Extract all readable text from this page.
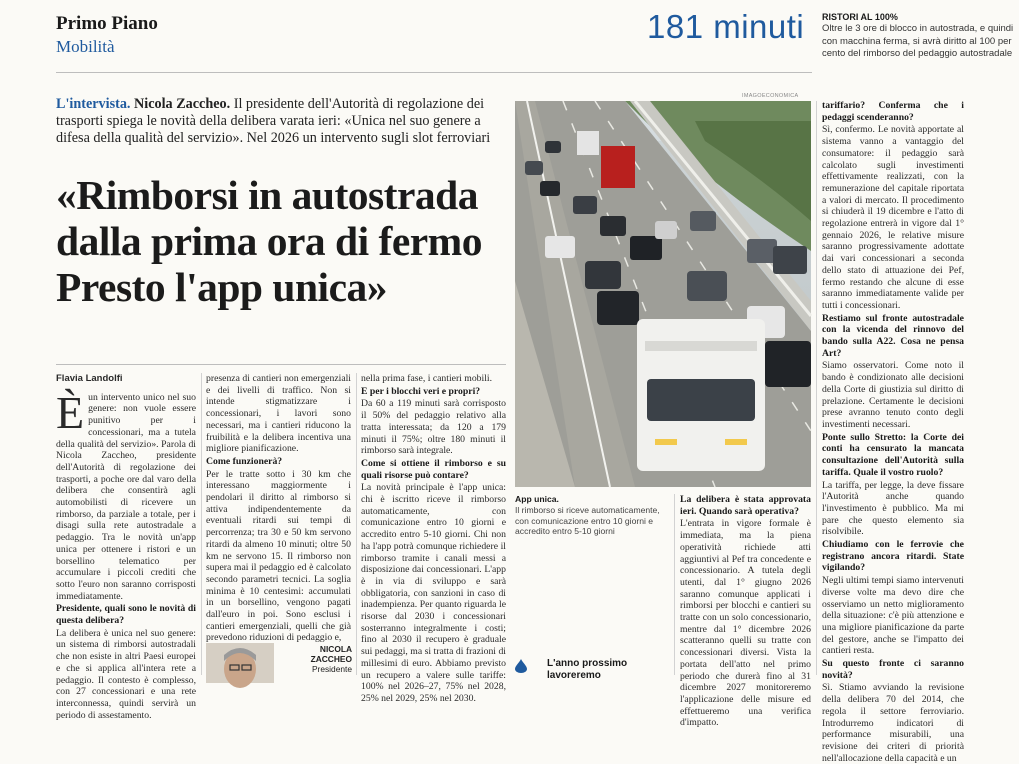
Primo Piano
Mobilità
181 minuti RISTORI AL 100%
Oltre le 3 ore di blocco in autostrada, e quindi con macchina ferma, si avrà diritto al 100 per cento del rimborso del pedaggio autostradale
L'intervista. Nicola Zaccheo. Il presidente dell'Autorità di regolazione dei trasporti spiega le novità della delibera varata ieri: «Unica nel suo genere a difesa della qualità del servizio». Nel 2026 un intervento sugli slot ferroviari
«Rimborsi in autostrada
dalla prima ora di fermo
Presto l'app unica»
Flavia Landolfi
È un intervento unico nel suo genere: non vuole essere punitivo per i concessionari, ma a tutela della qualità del servizio». Parola di Nicola Zaccheo, presidente dell'Autorità di regolazione dei trasporti, a poche ore dal varo della delibera che consentirà agli automobilisti di ricevere un rimborso, da parziale a totale, per i disagi sulla rete autostradale a pedaggio. Tra le novità un'app unica per ottenere i ristori e un borsellino telematico per accumulare i piccoli crediti che sotto l'euro non saranno corrisposti immediatamente.

Presidente, quali sono le novità di questa delibera?

La delibera è unica nel suo genere: un sistema di rimborsi autostradali che non esiste in altri Paesi europei e che si applica all'intera rete a pedaggio. Il contesto è complesso, con 27 concessionari e una rete interconnessa, quindi servirà un periodo di assestamento.

presenza di cantieri non emergenziali e dei livelli di traffico. Non si intende stigmatizzare i concessionari, i lavori sono necessari, ma i cantieri riducono la fruibilità e la delibera incentiva una migliore pianificazione.

Come funzionerà?

Per le tratte sotto i 30 km che interessano maggiormente i pendolari il diritto al rimborso si attiva indipendentemente da eventuali ritardi sui tempi di percorrenza; tra 30 e 50 km servono ritardi da almeno 10 minuti; oltre 50 km ne servono 15. Il rimborso non supera mai il pedaggio ed è calcolato secondo parametri tecnici. La soglia minima è 10 centesimi: accumulati in un borsellino, vengono pagati dall'euro in poi. Sono esclusi i cantieri emergenziali, quelli che già prevedono riduzioni di pedaggio e,

NICOLA ZACCHEO
Presidente

nella prima fase, i cantieri mobili.

E per i blocchi veri e propri?

Da 60 a 119 minuti sarà corrisposto il 50% del pedaggio relativo alla tratta interessata; da 120 a 179 minuti il 75%; oltre 180 minuti il rimborso sarà integrale.

Come si ottiene il rimborso e su quali risorse può contare?

La novità principale è l'app unica: chi è iscritto riceve il rimborso automaticamente, con comunicazione entro 10 giorni e accredito entro 5-10 giorni. Chi non ha l'app potrà comunque richiedere il rimborso tramite i canali messi a disposizione dai concessionari. L'app è in via di sviluppo e sarà obbligatoria, con sanzioni in caso di inadempienza. Per quanto riguarda le risorse dal 2030 i concessionari sosterranno integralmente i costi; fino al 2030 il recupero è graduale sui pedaggi, ma si tratta di frazioni di millesimi di euro. Abbiamo previsto un recupero a valere sulle tariffe: 100% nel 2026–27, 75% nel 2028, 25% nel 2029, 25% nel 2030.

IMAGOECONOMICA
App unica.
Il rimborso si riceve automaticamente, con comunicazione entro 10 giorni e accredito entro 5-10 giorni
L'anno prossimo lavoreremo

La delibera è stata approvata ieri. Quando sarà operativa?

L'entrata in vigore formale è immediata, ma la piena operatività richiede atti aggiuntivi al Pef tra concedente e concessionario. A tutela degli utenti, dal 1° giugno 2026 saranno comunque applicati i rimborsi per blocchi e cantieri su tratte con un solo concessionario, mentre dal 1° dicembre 2026 scatteranno quelli su tratte con concessionari diversi. Vista la portata dell'atto nel primo periodo che durerà fino al 31 dicembre 2027 monitoreremo l'applicazione delle misure ed effettueremo una verifica d'impatto.

tariffario? Conferma che i pedaggi scenderanno?

Sì, confermo. Le novità apportate al sistema vanno a vantaggio del consumatore: il pedaggio sarà calcolato sugli investimenti effettivamente realizzati, con la remunerazione del capitale riportata a valori di mercato. Il procedimento si chiuderà il 19 dicembre e l'atto di regolazione entrerà in vigore dal 1° gennaio 2026, le relative misure saranno progressivamente adottate dai vari concessionari a seconda dello stato di attuazione dei Pef, fermo restando che alcune di esse saranno immediatamente valide per tutti i concessionari.

Restiamo sul fronte autostradale con la vicenda del rinnovo del bando sulla A22. Cosa ne pensa Art?

Siamo osservatori. Come noto il bando è condizionato alle decisioni della Corte di giustizia sul diritto di prelazione. Certamente le decisioni prese avranno tenuto conto degli investimenti necessari.

Ponte sullo Stretto: la Corte dei conti ha censurato la mancata consultazione dell'Autorità sulla tariffa. Quale il vostro ruolo?

La tariffa, per legge, la deve fissare l'Autorità anche quando l'investimento è pubblico. Ma mi pare che questo elemento sia risolvibile.

Chiudiamo con le ferrovie che registrano ancora ritardi. State vigilando?

Negli ultimi tempi siamo intervenuti diverse volte ma devo dire che osserviamo un netto miglioramento della situazione: c'è più attenzione e una migliore pianificazione da parte del gestore, anche se l'impatto dei cantieri resta.

Su questo fronte ci saranno novità?

Sì. Stiamo avviando la revisione della delibera 70 del 2014, che regola il settore ferroviario. Introdurremo indicatori di performance misurabili, una revisione dei criteri di priorità nell'allocazione della capacità e un
